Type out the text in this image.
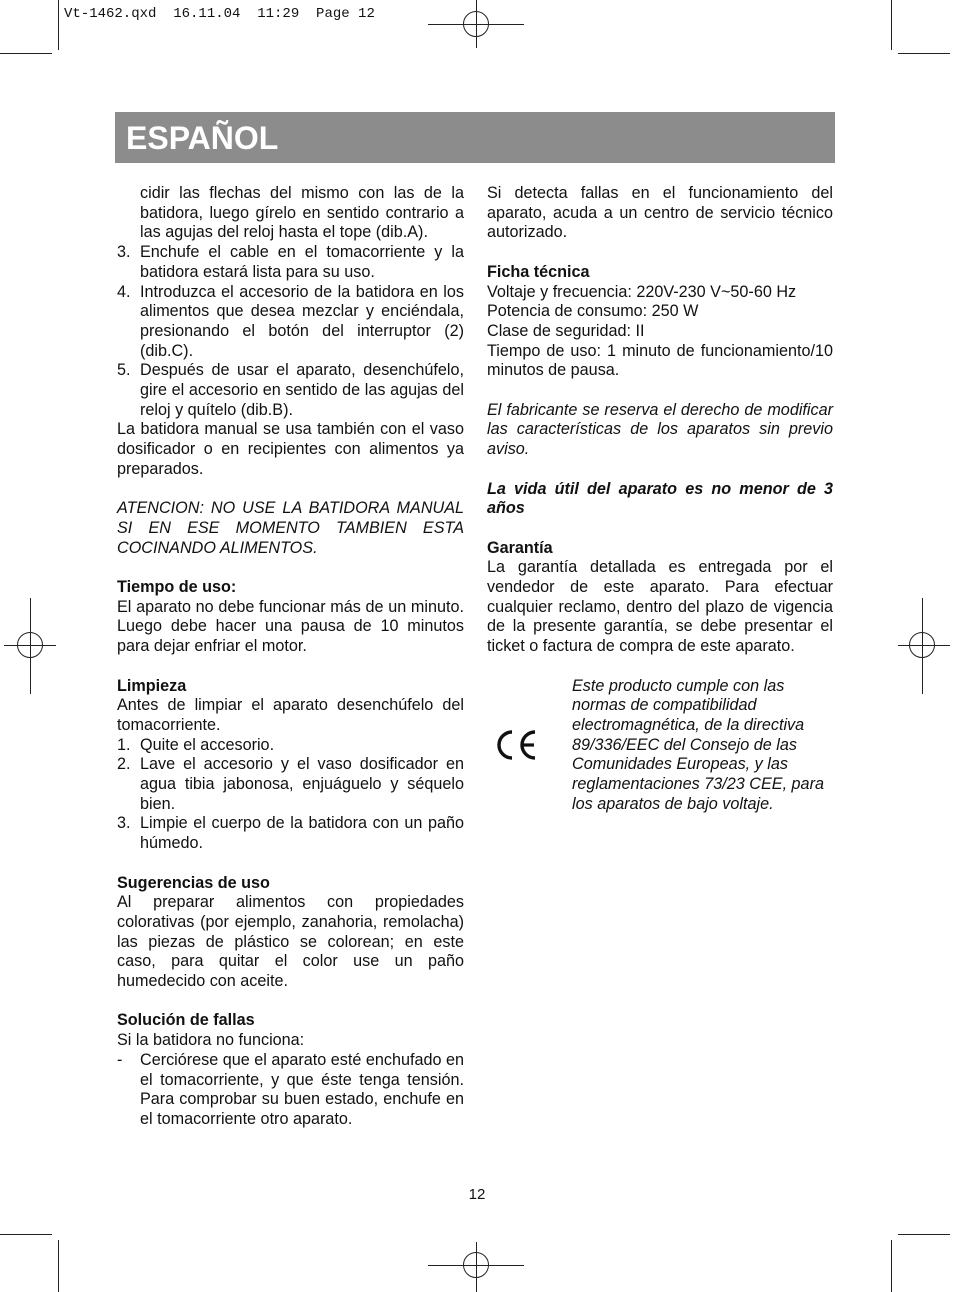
Vt-1462.qxd  16.11.04  11:29  Page 12
ESPAÑOL

cidir las flechas del mismo con las de la batidora, luego gírelo en sentido contrario a las agujas del reloj hasta el tope (dib.A).

3. Enchufe el cable en el tomacorriente y la batidora estará lista para su uso.
4. Introduzca el accesorio de la batidora en los alimentos que desea mezclar y enciéndala, presionando el botón del interruptor (2) (dib.C).
5. Después de usar el aparato, desenchúfelo, gire el accesorio en sentido de las agujas del reloj y quítelo (dib.B).

La batidora manual se usa también con el vaso dosificador o en recipientes con alimentos ya preparados.

ATENCION: NO USE LA BATIDORA MANUAL SI EN ESE MOMENTO TAMBIEN ESTA COCINANDO ALIMENTOS.

Tiempo de uso:

El aparato no debe funcionar más de un minuto. Luego debe hacer una pausa de 10 minutos para dejar enfriar el motor.

Limpieza

Antes de limpiar el aparato desenchúfelo del tomacorriente.

1. Quite el accesorio.
2. Lave el accesorio y el vaso dosificador en agua tibia jabonosa, enjuáguelo y séquelo bien.
3. Limpie el cuerpo de la batidora con un paño húmedo.

Sugerencias de uso

Al preparar alimentos con propiedades colorativas (por ejemplo, zanahoria, remolacha) las piezas de plástico se colorean; en este caso, para quitar el color use un paño humedecido con aceite.

Solución de fallas

Si la batidora no funciona:

-	Cerciórese que el aparato esté enchufado en el tomacorriente, y que éste tenga tensión. Para comprobar su buen estado, enchufe en el tomacorriente otro aparato.

Si detecta fallas en el funcionamiento del aparato, acuda a un centro de servicio técnico autorizado.

Ficha técnica

Voltaje y frecuencia: 220V-230 V~50-60 Hz

Potencia de consumo: 250 W

Clase de seguridad: II

Tiempo de uso: 1 minuto de funcionamiento/10 minutos de pausa.

El fabricante se reserva el derecho de modificar las características de los aparatos sin previo aviso.

La vida útil del aparato es no menor de 3 años

Garantía

La garantía detallada es entregada por el vendedor de este aparato. Para efectuar cualquier reclamo, dentro del plazo de vigencia de la presente garantía, se debe presentar el ticket o factura de compra de este aparato.

Este producto cumple con las normas de compatibilidad electromagnética, de la directiva 89/336/EEC del Consejo de las Comunidades Europeas, y las reglamentaciones 73/23 CEE, para los aparatos de bajo voltaje.

12
